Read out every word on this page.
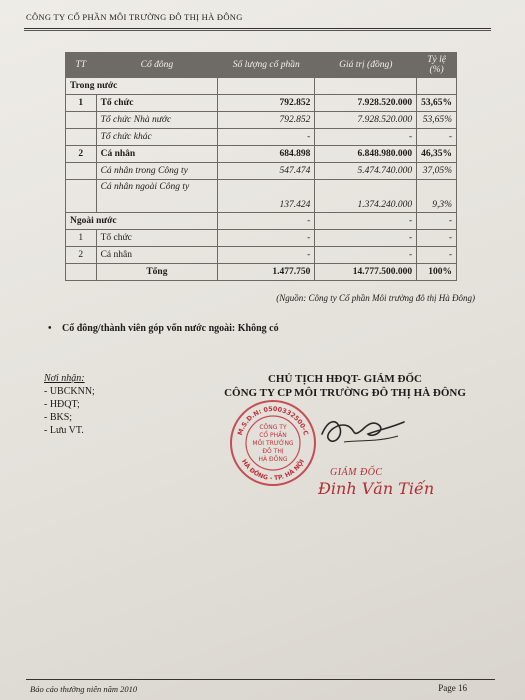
CÔNG TY CỔ PHẦN MÔI TRƯỜNG ĐÔ THỊ HÀ ĐÔNG
TT	Cổ đông	Số lượng cổ phần	Giá trị (đồng)	Tỷ lệ (%)
Trong nước				
1	Tổ chức	792.852	7.928.520.000	53,65%
	Tổ chức Nhà nước	792.852	7.928.520.000	53,65%
	Tổ chức khác	-	-	-
2	Cá nhân	684.898	6.848.980.000	46,35%
	Cá nhân trong Công ty	547.474	5.474.740.000	37,05%
	Cá nhân ngoài Công ty	137.424	1.374.240.000	9,3%
Ngoài nước		-	-	-
1	Tổ chức	-	-	-
2	Cá nhân	-	-	-
	Tổng	1.477.750	14.777.500.000	100%
(Nguồn: Công ty Cổ phần Môi trường đô thị Hà Đông)
• Cổ đông/thành viên góp vốn nước ngoài: Không có
Nơi nhận:
- UBCKNN;
- HĐQT;
- BKS;
- Lưu VT.
CHỦ TỊCH HĐQT- GIÁM ĐỐC
CÔNG TY CP MÔI TRƯỜNG ĐÔ THỊ HÀ ĐÔNG
M.S.D.N: 0500332500-C
HÀ ĐÔNG - TP. HÀ NỘI
CÔNG TY
CỔ PHẦN
MÔI TRƯỜNG
ĐÔ THỊ
HÀ ĐÔNG
GIÁM ĐỐC
Đinh Văn Tiến
Báo cáo thường niên năm 2010	Page 16
